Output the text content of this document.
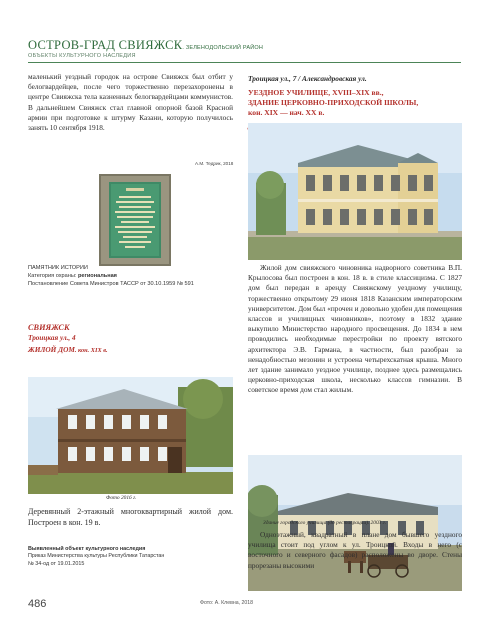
ОСТРОВ-ГРАД СВИЯЖСК. ЗЕЛЕНОДОЛЬСКИЙ РАЙОН
ОБЪЕКТЫ КУЛЬТУРНОГО НАСЛЕДИЯ

маленький уездный городок на острове Свияжск был отбит у белогвардейцев, после чего торжественно перезахоронены в центре Свияжска тела казненных белогвардейцами коммунистов. В дальнейшем Свияжск стал главной опорной базой Красной армии при подготовке к штурму Казани, которую получилось занять 10 сентября 1918.

А.М. Тедрик, 2018
ПАМЯТНИК ИСТОРИИ
Категория охраны: региональная
Постановление Совета Министров ТАССР от 30.10.1959 № 591
СВИЯЖСК
Троицкая ул., 4
ЖИЛОЙ ДОМ. кон. XIX в.
Фото 2016 г.
Деревянный 2-этажный многоквартирный жилой дом. Построен в кон. 19 в.
Выявленный объект культурного наследия
Приказ Министерства культуры Республики Татарстан
№ 34-од от 19.01.2015
Троицкая ул., 7 / Александровская ул.
УЕЗДНОЕ УЧИЛИЩЕ, XVIII–XIX вв.,
ЗДАНИЕ ЦЕРКОВНО-ПРИХОДСКОЙ ШКОЛЫ,
кон. XIX — нач. XX в.

Жилой дом свияжского чиновника надворного советника В.П. Крылосова был построен в кон. 18 в. в стиле классицизма. С 1827 дом был передан в аренду Свияжскому уездному училищу, торжественно открытому 29 июня 1818 Казанским императорским университетом. Дом был «прочен и довольно удобен для помещения классов и училищных чиновников», поэтому в 1832 здание выкупило Министерство народного просвещения. До 1834 в нем проводились необходимые перестройки по проекту вятского архитектора Э.В. Гармана, в частности, был разобран за ненадобностью мезонин и устроена четырехскатная крыша. Много лет здание занимало уездное училище, позднее здесь размещались церковно-приходская школа, несколько классов гимназии. В советское время дом стал жилым.

Здание городского училища (до реставрации). 2003 г.

Одноэтажный, квадратный в плане дом бывшего уездного училища стоит под углом к ул. Троицкой. Входы в него (с восточного и северного фасадов) расположены во дворе. Стены прорезаны высокими

486	Фото: А. Клевна, 2018
